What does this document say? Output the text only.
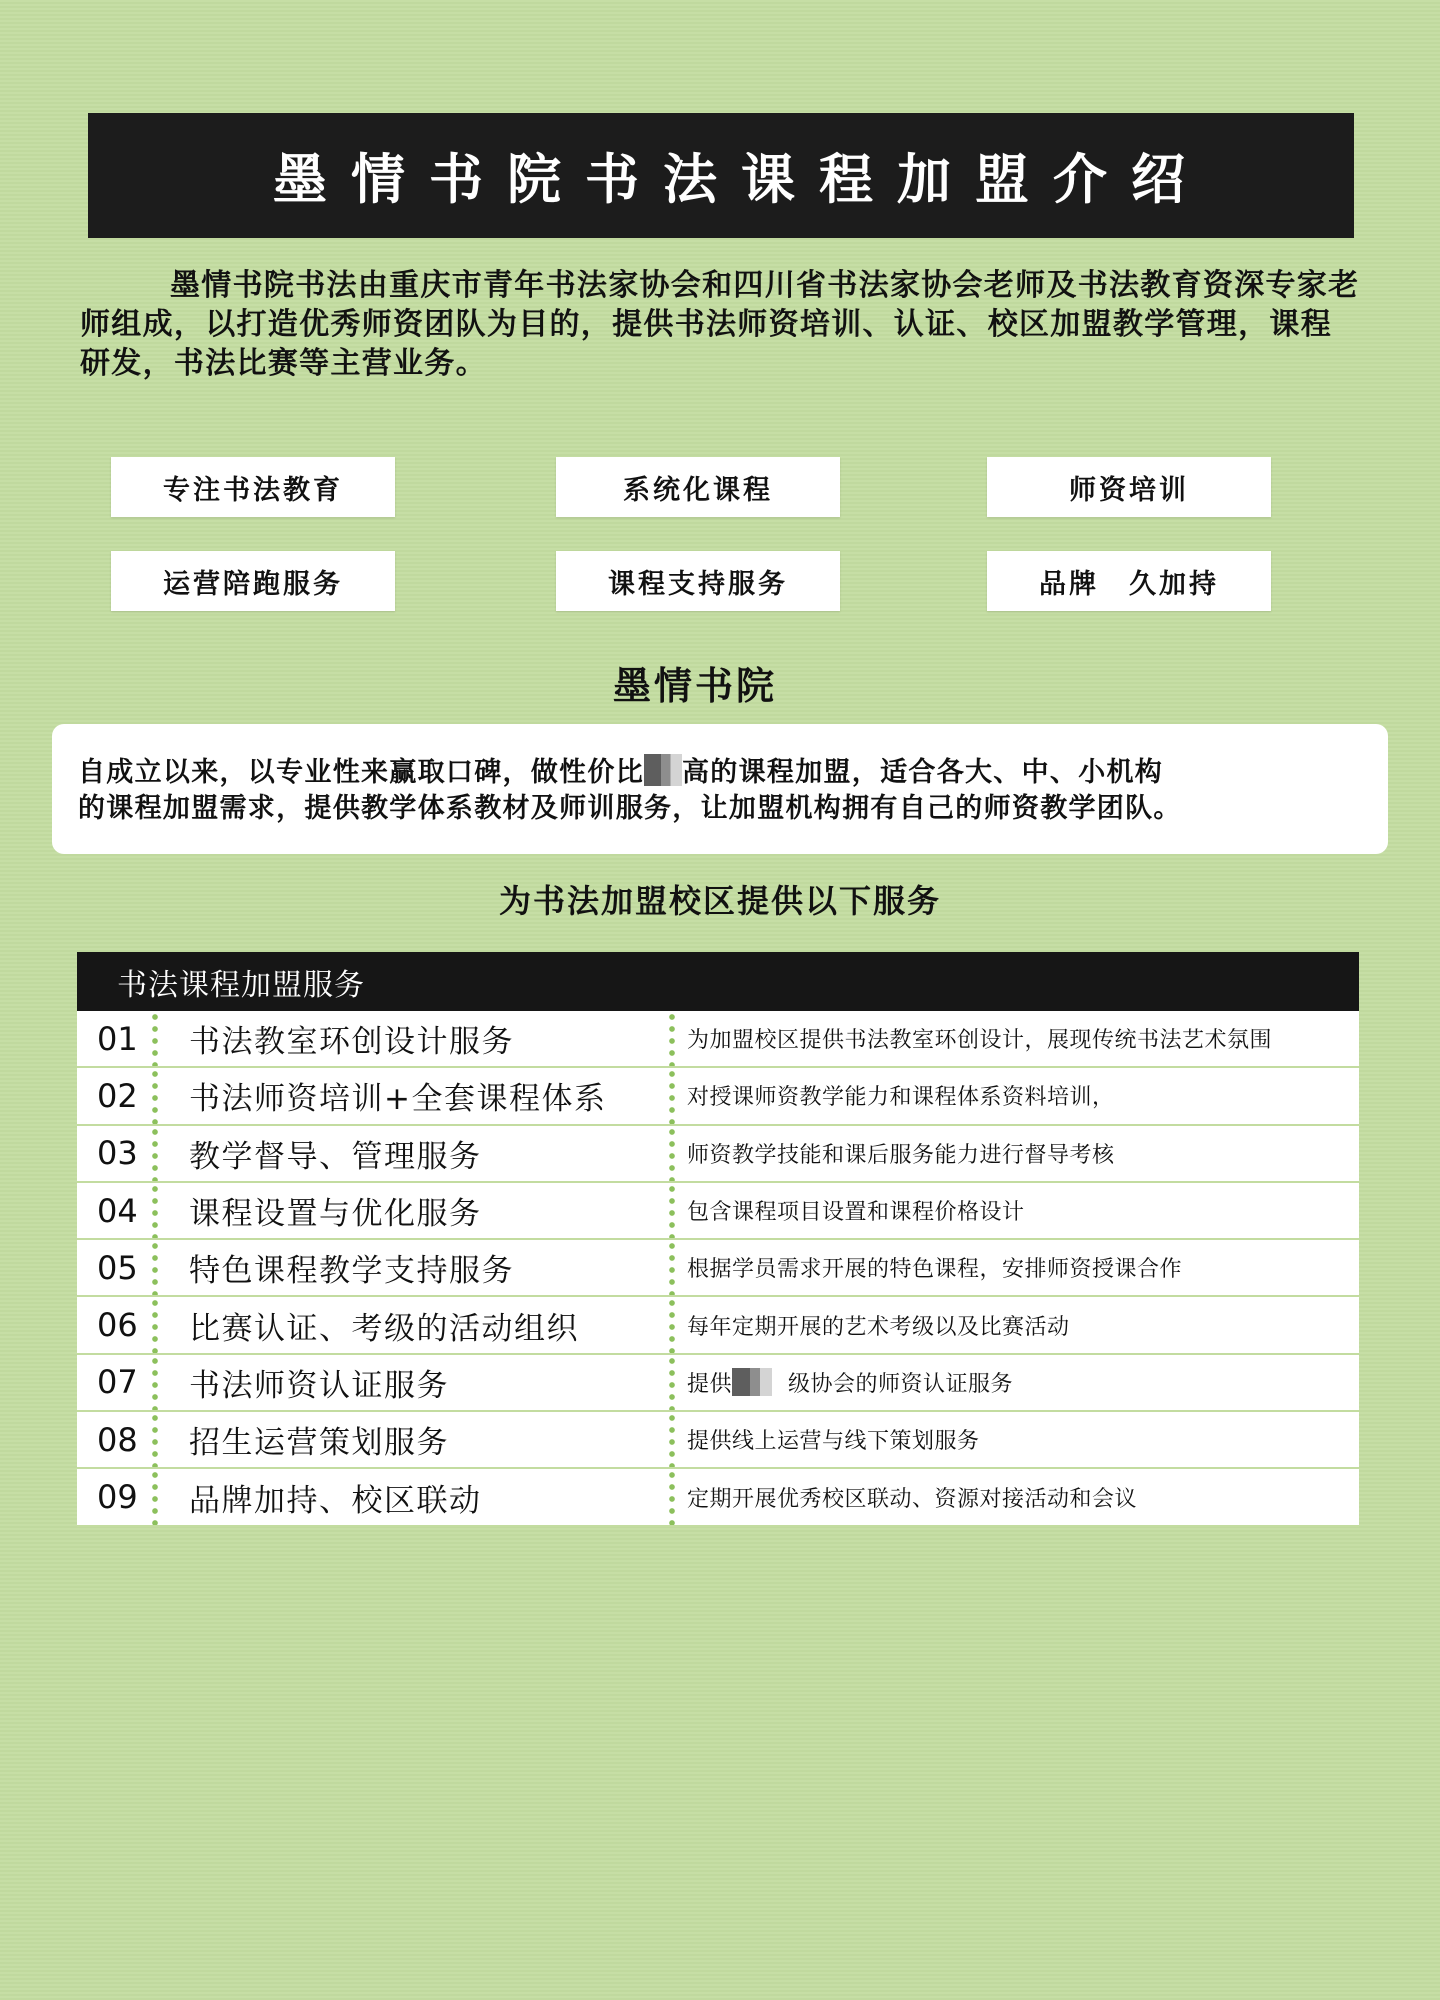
墨情书院书法课程加盟介绍

墨情书院书法由重庆市青年书法家协会和四川省书法家协会老师及书法教育资深专家老师组成，以打造优秀师资团队为目的，提供书法师资培训、认证、校区加盟教学管理，课程研发，书法比赛等主营业务。

专注书法教育	系统化课程	师资培训
运营陪跑服务	课程支持服务	品牌　久加持
墨情书院

自成立以来，以专业性来赢取口碑，做性价比 高的课程加盟，适合各大、中、小机构

的课程加盟需求，提供教学体系教材及师训服务，让加盟机构拥有自己的师资教学团队。

为书法加盟校区提供以下服务
书法课程加盟服务
01 书法教室环创设计服务	为加盟校区提供书法教室环创设计，展现传统书法艺术氛围
02 书法师资培训+全套课程体系	对授课师资教学能力和课程体系资料培训，
03 教学督导、管理服务	师资教学技能和课后服务能力进行督导考核
04 课程设置与优化服务	包含课程项目设置和课程价格设计
05 特色课程教学支持服务	根据学员需求开展的特色课程，安排师资授课合作
06 比赛认证、考级的活动组织	每年定期开展的艺术考级以及比赛活动
07 书法师资认证服务	提供	级协会的师资认证服务
08 招生运营策划服务	提供线上运营与线下策划服务
09 品牌加持、校区联动	定期开展优秀校区联动、资源对接活动和会议
